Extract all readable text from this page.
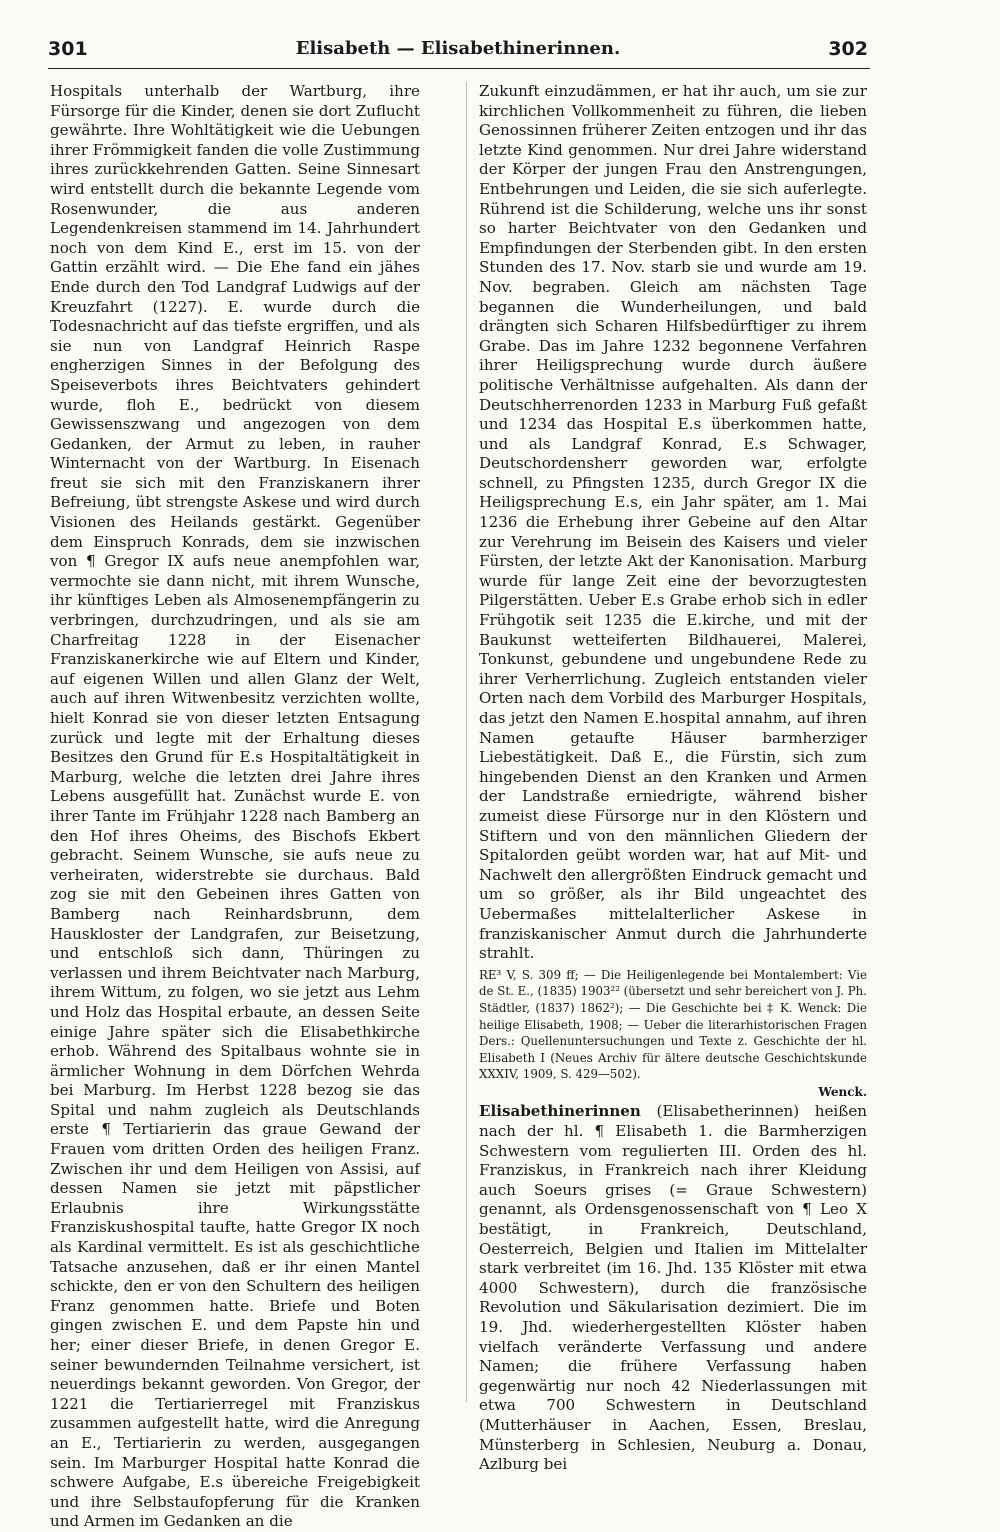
301	Elisabeth — Elisabethinerinnen.	302

Hospitals unterhalb der Wartburg, ihre Fürsorge für die Kinder, denen sie dort Zuflucht gewährte. Ihre Wohltätigkeit wie die Uebungen ihrer Frömmigkeit fanden die volle Zustimmung ihres zurückkehrenden Gatten. Seine Sinnesart wird entstellt durch die bekannte Legende vom Rosenwunder, die aus anderen Legendenkreisen stammend im 14. Jahrhundert noch von dem Kind E., erst im 15. von der Gattin erzählt wird. — Die Ehe fand ein jähes Ende durch den Tod Landgraf Ludwigs auf der Kreuzfahrt (1227). E. wurde durch die Todesnachricht auf das tiefste ergriffen, und als sie nun von Landgraf Heinrich Raspe engherzigen Sinnes in der Befolgung des Speiseverbots ihres Beichtvaters gehindert wurde, floh E., bedrückt von diesem Gewissenszwang und angezogen von dem Gedanken, der Armut zu leben, in rauher Winternacht von der Wartburg. In Eisenach freut sie sich mit den Franziskanern ihrer Befreiung, übt strengste Askese und wird durch Visionen des Heilands gestärkt. Gegenüber dem Einspruch Konrads, dem sie inzwischen von ¶ Gregor IX aufs neue anempfohlen war, vermochte sie dann nicht, mit ihrem Wunsche, ihr künftiges Leben als Almosenempfängerin zu verbringen, durchzudringen, und als sie am Charfreitag 1228 in der Eisenacher Franziskanerkirche wie auf Eltern und Kinder, auf eigenen Willen und allen Glanz der Welt, auch auf ihren Witwenbesitz verzichten wollte, hielt Konrad sie von dieser letzten Entsagung zurück und legte mit der Erhaltung dieses Besitzes den Grund für E.s Hospitaltätigkeit in Marburg, welche die letzten drei Jahre ihres Lebens ausgefüllt hat. Zunächst wurde E. von ihrer Tante im Frühjahr 1228 nach Bamberg an den Hof ihres Oheims, des Bischofs Ekbert gebracht. Seinem Wunsche, sie aufs neue zu verheiraten, widerstrebte sie durchaus. Bald zog sie mit den Gebeinen ihres Gatten von Bamberg nach Reinhardsbrunn, dem Hauskloster der Landgrafen, zur Beisetzung, und entschloß sich dann, Thüringen zu verlassen und ihrem Beichtvater nach Marburg, ihrem Wittum, zu folgen, wo sie jetzt aus Lehm und Holz das Hospital erbaute, an dessen Seite einige Jahre später sich die Elisabethkirche erhob. Während des Spitalbaus wohnte sie in ärmlicher Wohnung in dem Dörfchen Wehrda bei Marburg. Im Herbst 1228 bezog sie das Spital und nahm zugleich als Deutschlands erste ¶ Tertiarierin das graue Gewand der Frauen vom dritten Orden des heiligen Franz. Zwischen ihr und dem Heiligen von Assisi, auf dessen Namen sie jetzt mit päpstlicher Erlaubnis ihre Wirkungsstätte Franziskushospital taufte, hatte Gregor IX noch als Kardinal vermittelt. Es ist als geschichtliche Tatsache anzusehen, daß er ihr einen Mantel schickte, den er von den Schultern des heiligen Franz genommen hatte. Briefe und Boten gingen zwischen E. und dem Papste hin und her; einer dieser Briefe, in denen Gregor E. seiner bewundernden Teilnahme versichert, ist neuerdings bekannt geworden. Von Gregor, der 1221 die Tertiarierregel mit Franziskus zusammen aufgestellt hatte, wird die Anregung an E., Tertiarierin zu werden, ausgegangen sein. Im Marburger Hospital hatte Konrad die schwere Aufgabe, E.s übereiche Freigebigkeit und ihre Selbstaufopferung für die Kranken und Armen im Gedanken an die

Zukunft einzudämmen, er hat ihr auch, um sie zur kirchlichen Vollkommenheit zu führen, die lieben Genossinnen früherer Zeiten entzogen und ihr das letzte Kind genommen. Nur drei Jahre widerstand der Körper der jungen Frau den Anstrengungen, Entbehrungen und Leiden, die sie sich auferlegte. Rührend ist die Schilderung, welche uns ihr sonst so harter Beichtvater von den Gedanken und Empfindungen der Sterbenden gibt. In den ersten Stunden des 17. Nov. starb sie und wurde am 19. Nov. begraben. Gleich am nächsten Tage begannen die Wunderheilungen, und bald drängten sich Scharen Hilfsbedürftiger zu ihrem Grabe. Das im Jahre 1232 begonnene Verfahren ihrer Heiligsprechung wurde durch äußere politische Verhältnisse aufgehalten. Als dann der Deutschherrenorden 1233 in Marburg Fuß gefaßt und 1234 das Hospital E.s überkommen hatte, und als Landgraf Konrad, E.s Schwager, Deutschordensherr geworden war, erfolgte schnell, zu Pfingsten 1235, durch Gregor IX die Heiligsprechung E.s, ein Jahr später, am 1. Mai 1236 die Erhebung ihrer Gebeine auf den Altar zur Verehrung im Beisein des Kaisers und vieler Fürsten, der letzte Akt der Kanonisation. Marburg wurde für lange Zeit eine der bevorzugtesten Pilgerstätten. Ueber E.s Grabe erhob sich in edler Frühgotik seit 1235 die E.kirche, und mit der Baukunst wetteiferten Bildhauerei, Malerei, Tonkunst, gebundene und ungebundene Rede zu ihrer Verherrlichung. Zugleich entstanden vieler Orten nach dem Vorbild des Marburger Hospitals, das jetzt den Namen E.hospital annahm, auf ihren Namen getaufte Häuser barmherziger Liebestätigkeit. Daß E., die Fürstin, sich zum hingebenden Dienst an den Kranken und Armen der Landstraße erniedrigte, während bisher zumeist diese Fürsorge nur in den Klöstern und Stiftern und von den männlichen Gliedern der Spitalorden geübt worden war, hat auf Mit- und Nachwelt den allergrößten Eindruck gemacht und um so größer, als ihr Bild ungeachtet des Uebermaßes mittelalterlicher Askese in franziskanischer Anmut durch die Jahrhunderte strahlt.

RE³ V, S. 309 ff; — Die Heiligenlegende bei Montalembert: Vie de St. E., (1835) 1903²² (übersetzt und sehr bereichert von J. Ph. Städtler, (1837) 1862²); — Die Geschichte bei ‡ K. Wenck: Die heilige Elisabeth, 1908; — Ueber die literarhistorischen Fragen Ders.: Quellenuntersuchungen und Texte z. Geschichte der hl. Elisabeth I (Neues Archiv für ältere deutsche Geschichtskunde XXXIV, 1909, S. 429—502).

Wenck.

Elisabethinerinnen (Elisabetherinnen) heißen nach der hl. ¶ Elisabeth 1. die Barmherzigen Schwestern vom regulierten III. Orden des hl. Franziskus, in Frankreich nach ihrer Kleidung auch Soeurs grises (= Graue Schwestern) genannt, als Ordensgenossenschaft von ¶ Leo X bestätigt, in Frankreich, Deutschland, Oesterreich, Belgien und Italien im Mittelalter stark verbreitet (im 16. Jhd. 135 Klöster mit etwa 4000 Schwestern), durch die französische Revolution und Säkularisation dezimiert. Die im 19. Jhd. wiederhergestellten Klöster haben vielfach veränderte Verfassung und andere Namen; die frühere Verfassung haben gegenwärtig nur noch 42 Niederlassungen mit etwa 700 Schwestern in Deutschland (Mutterhäuser in Aachen, Essen, Breslau, Münsterberg in Schlesien, Neuburg a. Donau, Azlburg bei
